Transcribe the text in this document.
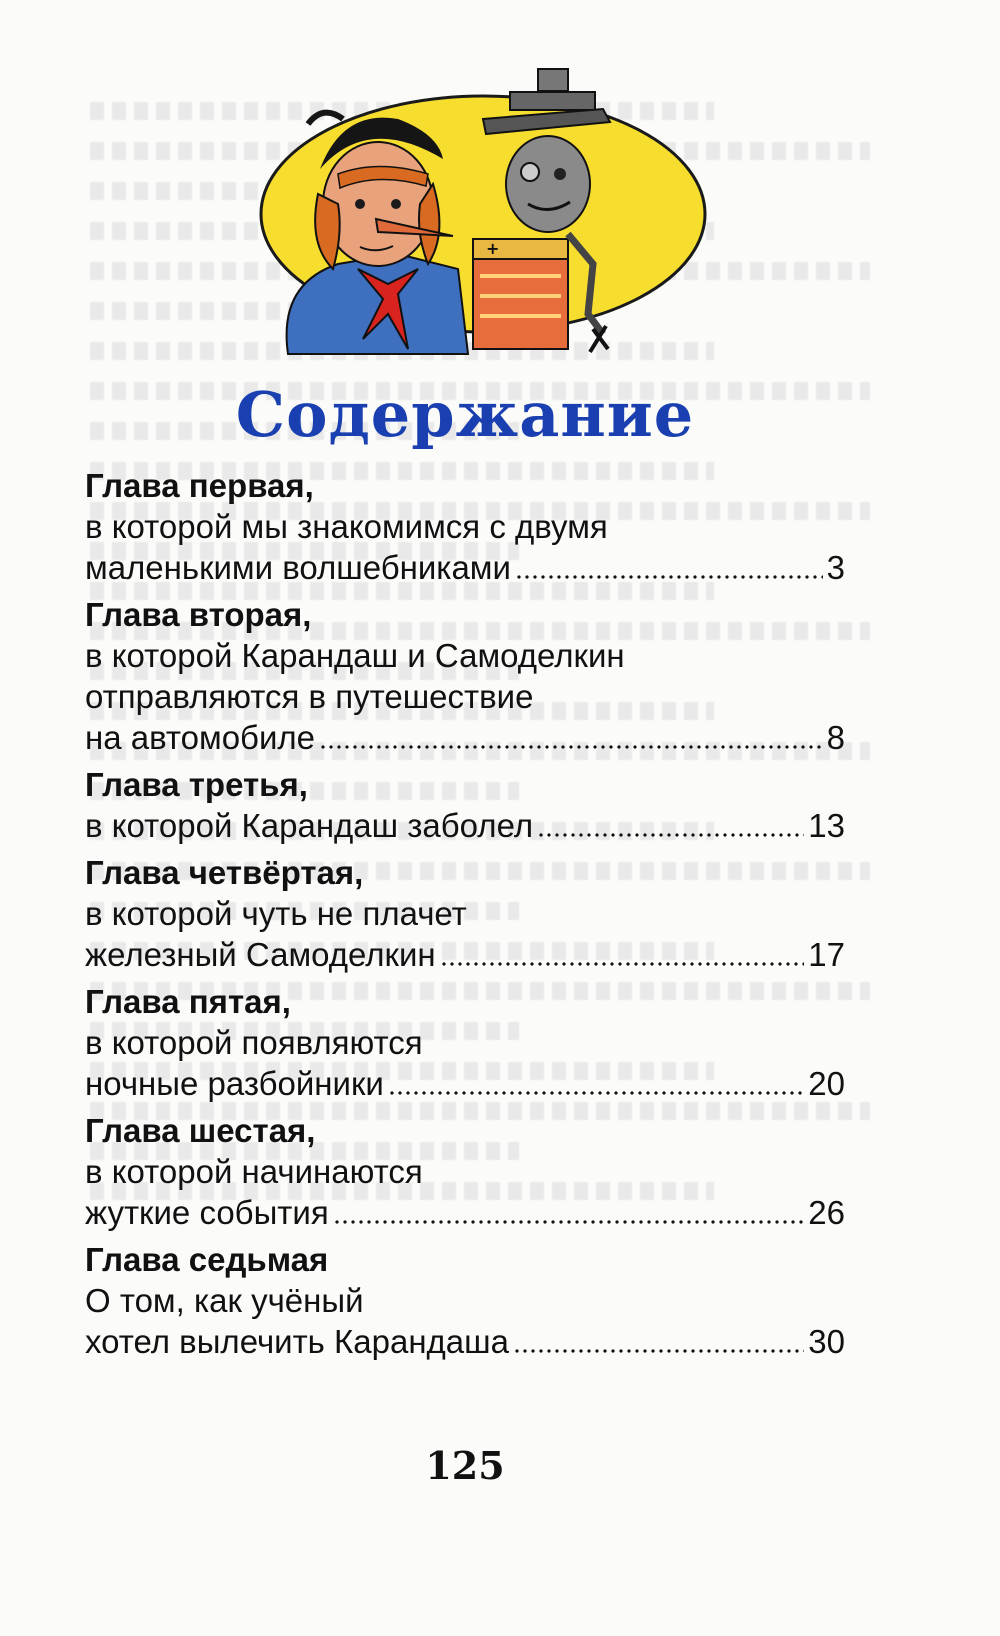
+
Содержание
Глава первая,
в которой мы знакомимся с двумя
маленькими волшебниками	3
Глава вторая,
в которой Карандаш и Самоделкин
отправляются в путешествие
на автомобиле	8
Глава третья,
в которой Карандаш заболел	13
Глава четвёртая,
в которой чуть не плачет
железный Самоделкин	17
Глава пятая,
в которой появляются
ночные разбойники	20
Глава шестая,
в которой начинаются
жуткие события	26
Глава седьмая
О том, как учёный
хотел вылечить Карандаша	30
125
